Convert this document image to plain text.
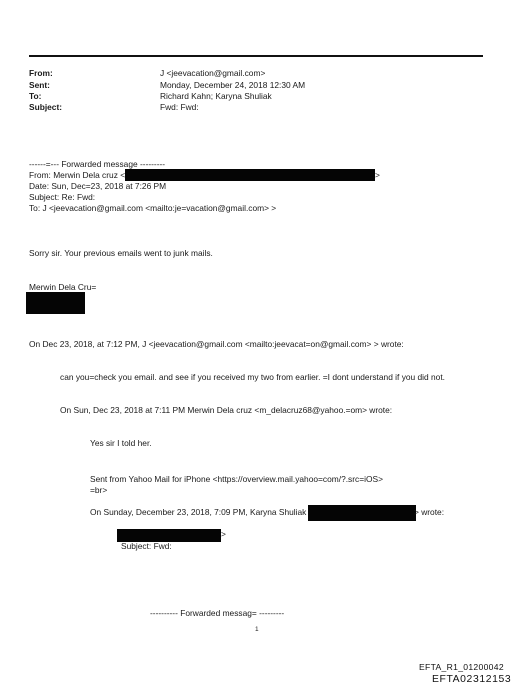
From:	J <jeevacation@gmail.com>
Sent:	Monday, December 24, 2018 12:30 AM
To:	Richard Kahn; Karyna Shuliak
Subject:	Fwd: Fwd:
------=--- Forwarded message ---------
From: Merwin Dela cruz <	>
Date: Sun, Dec=23, 2018 at 7:26 PM
Subject: Re: Fwd:
To: J <jeevacation@gmail.com <mailto:je=vacation@gmail.com> >
Sorry sir. Your previous emails went to junk mails.
Merwin Dela Cru=
On Dec 23, 2018, at 7:12 PM, J <jeevacation@gmail.com <mailto:jeevacat=on@gmail.com> > wrote:
can you=check you email. and see if you received my two from earlier. =I dont understand if you did not.
On Sun, Dec 23, 2018 at 7:11 PM Merwin Dela cruz <m_delacruz68@yahoo.=om> wrote:
Yes sir I told her.
Sent from Yahoo Mail for iPhone <https://overview.mail.yahoo=com/?.src=iOS>
=br>
On Sunday, December 23, 2018, 7:09 PM, Karyna Shuliak	> wrote:
>
Subject: Fwd:
---------- Forwarded messag= ---------
1
EFTA_R1_01200042
EFTA02312153
